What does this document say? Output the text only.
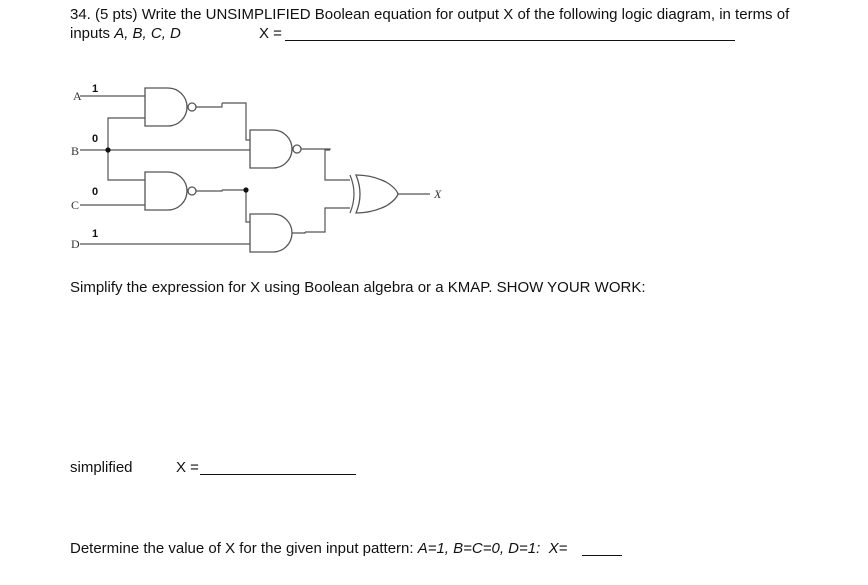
34. (5 pts) Write the UNSIMPLIFIED Boolean equation for output X of the following logic diagram, in terms of
inputs A, B, C, D	X =
A
B
C
D
1
0
0
1
X
Simplify the expression for X using Boolean algebra or a KMAP. SHOW YOUR WORK:
simplified	X =
Determine the value of X for the given input pattern: A=1, B=C=0, D=1: X=
